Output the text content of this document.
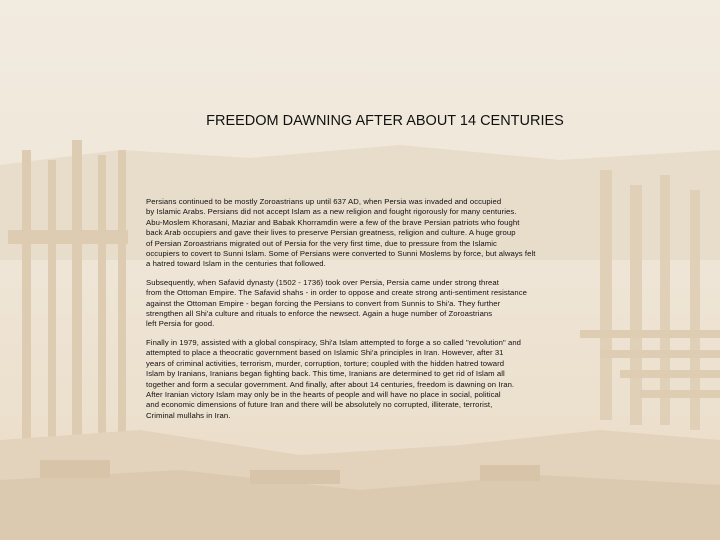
FREEDOM DAWNING AFTER ABOUT 14 CENTURIES
Persians continued to be mostly Zoroastrians up until 637 AD, when Persia was invaded and occupied
by Islamic Arabs. Persians did not accept Islam as a new religion and fought rigorously for many centuries.
Abu-Moslem Khorasani, Maziar and Babak Khorramdin were a few of the brave Persian patriots who fought
back Arab occupiers and gave their lives to preserve Persian greatness, religion and culture. A huge group
of Persian Zoroastrians migrated out of Persia for the very first time, due to pressure from the Islamic
occupiers to covert to Sunni Islam. Some of Persians were converted to Sunni Moslems by force, but always felt
a hatred toward Islam in the centuries that followed.
Subsequently, when Safavid dynasty (1502 - 1736) took over Persia, Persia came under strong threat
from the Ottoman Empire. The Safavid shahs - in order to oppose and create strong anti-sentiment resistance
against the Ottoman Empire - began forcing the Persians to convert from Sunnis to Shi'a. They further
strengthen all Shi'a culture and rituals to enforce the newsect. Again a huge number of Zoroastrians
left Persia for good.
Finally in 1979, assisted with a global conspiracy, Shi'a Islam attempted to forge a so called "revolution" and
attempted to place a theocratic government based on Islamic Shi'a principles in Iran. However, after 31
years of criminal activities, terrorism, murder, corruption, torture; coupled with the hidden hatred toward
Islam by Iranians, Iranians began fighting back. This time, Iranians are determined to get rid of Islam all
together and form a secular government. And finally, after about 14 centuries, freedom is dawning on Iran.
After Iranian victory Islam may only be in the hearts of people and will have no place in social, political
and economic dimensions of future Iran and there will be absolutely no corrupted, illiterate, terrorist,
Criminal mullahs in Iran.
